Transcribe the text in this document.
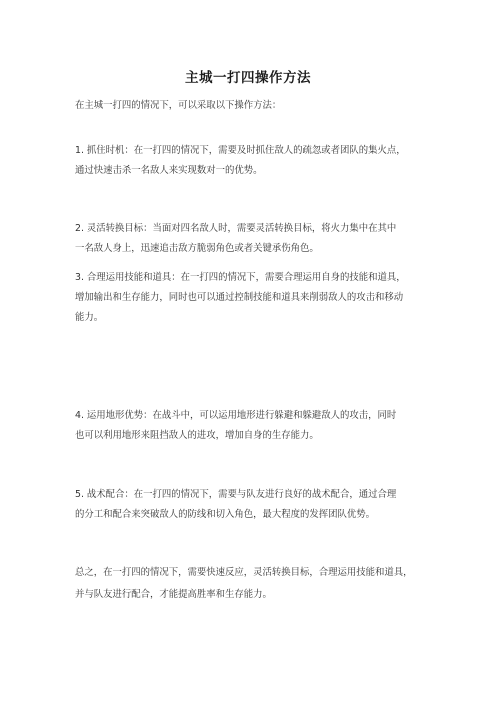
主城一打四操作方法
在主城一打四的情况下，可以采取以下操作方法：
1. 抓住时机：在一打四的情况下，需要及时抓住敌人的疏忽或者团队的集火点，
通过快速击杀一名敌人来实现数对一的优势。
2. 灵活转换目标：当面对四名敌人时，需要灵活转换目标，将火力集中在其中
一名敌人身上，迅速追击敌方脆弱角色或者关键承伤角色。
3. 合理运用技能和道具：在一打四的情况下，需要合理运用自身的技能和道具，
增加输出和生存能力，同时也可以通过控制技能和道具来削弱敌人的攻击和移动
能力。
4. 运用地形优势：在战斗中，可以运用地形进行躲避和躲避敌人的攻击，同时
也可以利用地形来阻挡敌人的进攻，增加自身的生存能力。
5. 战术配合：在一打四的情况下，需要与队友进行良好的战术配合，通过合理
的分工和配合来突破敌人的防线和切入角色，最大程度的发挥团队优势。
总之，在一打四的情况下，需要快速反应，灵活转换目标，合理运用技能和道具，
并与队友进行配合，才能提高胜率和生存能力。
